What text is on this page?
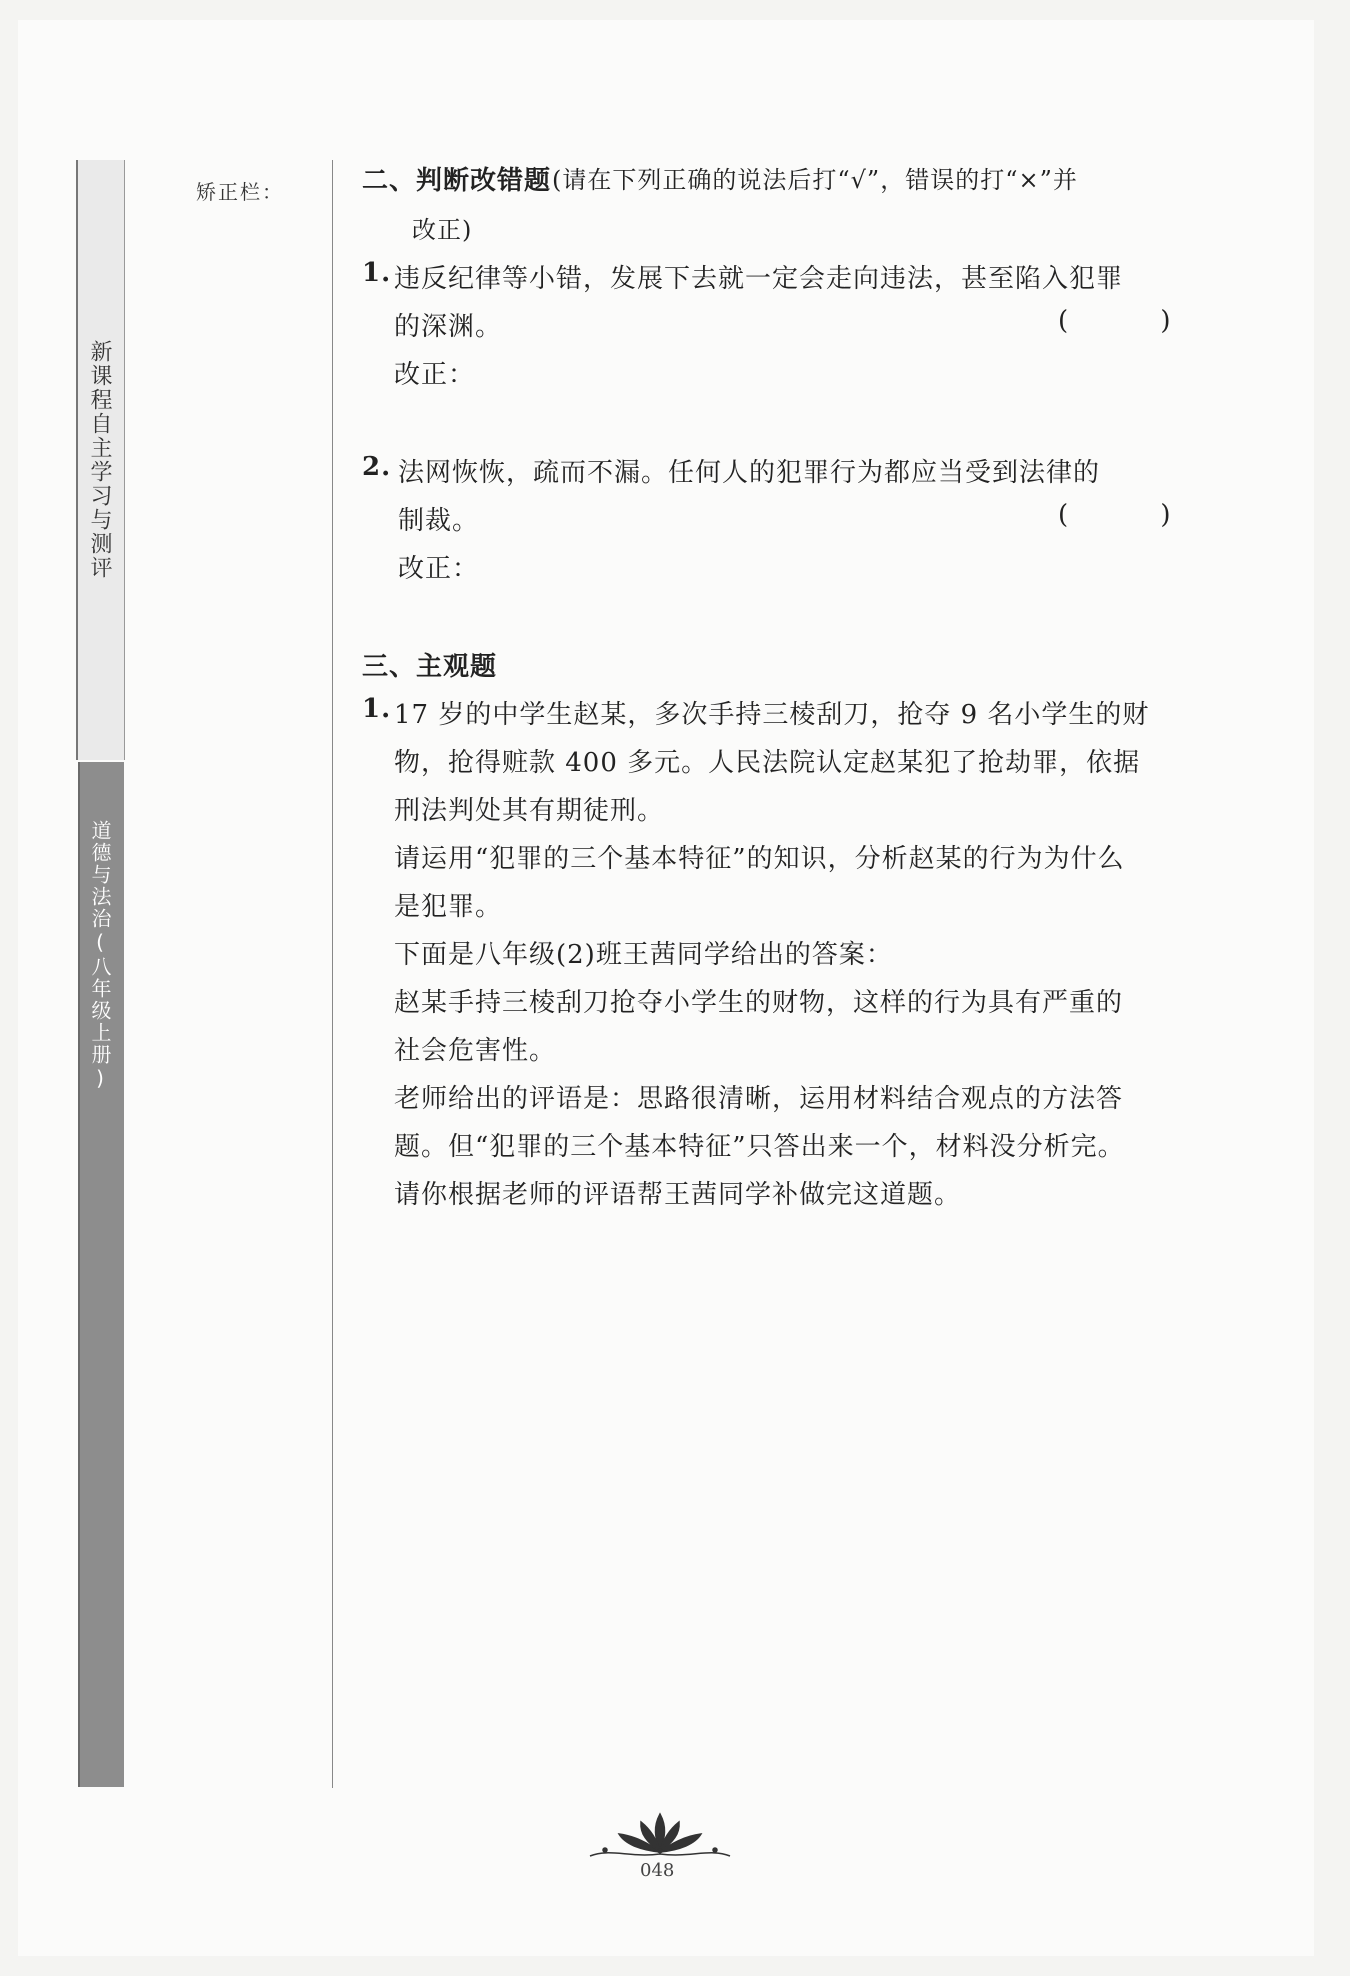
新课程自主学习与测评
道德与法治(八年级上册)
矫正栏：	二、判断改错题 (请在下列正确的说法后打“√”，错误的打“×”并
改正)
1. 违反纪律等小错，发展下去就一定会走向违法，甚至陷入犯罪
的深渊。	( )
改正：
2. 法网恢恢，疏而不漏。任何人的犯罪行为都应当受到法律的
制裁。	( )
改正：
三、主观题
1. 17 岁的中学生赵某，多次手持三棱刮刀，抢夺 9 名小学生的财
物，抢得赃款 400 多元。人民法院认定赵某犯了抢劫罪，依据
刑法判处其有期徒刑。
请运用“犯罪的三个基本特征”的知识，分析赵某的行为为什么
是犯罪。
下面是八年级(2)班王茜同学给出的答案：
赵某手持三棱刮刀抢夺小学生的财物，这样的行为具有严重的
社会危害性。
老师给出的评语是：思路很清晰，运用材料结合观点的方法答
题。但“犯罪的三个基本特征”只答出来一个，材料没分析完。
请你根据老师的评语帮王茜同学补做完这道题。
048
